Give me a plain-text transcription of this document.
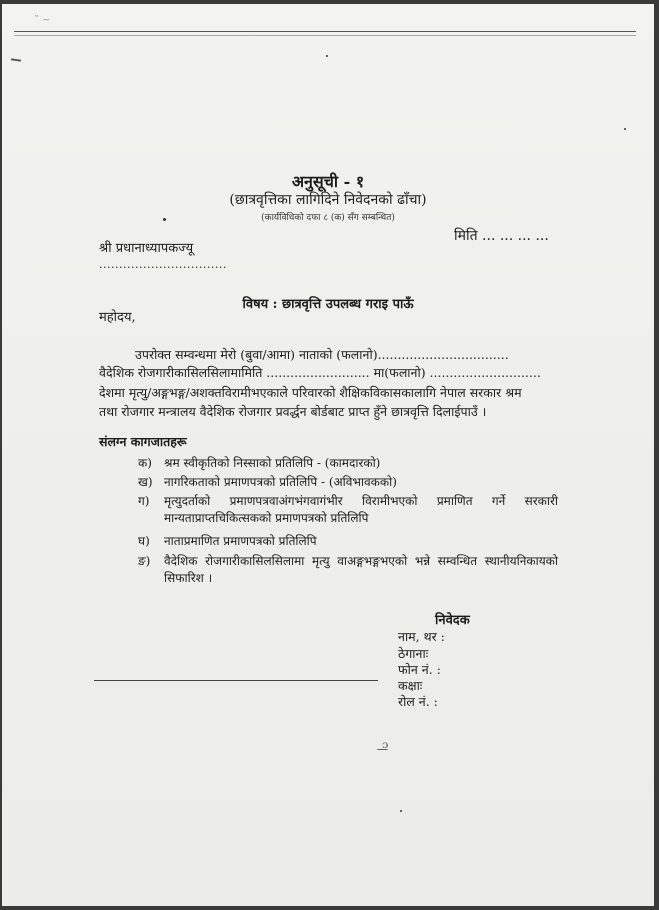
˜ ~
अनुसूची - १
(छात्रवृत्तिका लागिदिने निवेदनको ढाँचा)
(कार्यविधिको दफा ८ (क) सँग सम्बन्धित)
मिति ... ... ... ...
श्री प्रधानाध्यापकज्यू
................................
विषय : छात्रवृत्ति उपलब्ध गराइ पाऊँ
महोदय,
उपरोक्त सम्वन्धमा मेरो (बुवा/आमा) नाताको (फलानो).................................
वैदेशिक रोजगारीकासिलसिलामामिति .......................... मा(फलानो) ............................
देशमा मृत्यु/अङ्गभङ्ग/अशक्तविरामीभएकाले परिवारको शैक्षिकविकासकालागि नेपाल सरकार श्रम
तथा रोजगार मन्त्रालय वैदेशिक रोजगार प्रवर्द्धन बोर्डबाट प्राप्त हुँने छात्रवृत्ति दिलाईपाउँ ।
संलग्न कागजातहरू
क)	श्रम स्वीकृतिको निस्साको प्रतिलिपि - (कामदारको)
ख) नागरिकताको प्रमाणपत्रको प्रतिलिपि - (अविभावकको)
ग)	मृत्युदर्ताको प्रमाणपत्रवाअंगभंगवागंभीर विरामीभएको प्रमाणित गर्ने सरकारी मान्यताप्राप्तचिकित्सकको प्रमाणपत्रको प्रतिलिपि
घ)	नाताप्रमाणित प्रमाणपत्रको प्रतिलिपि
ङ)	वैदेशिक रोजगारीकासिलसिलामा मृत्यु वाअङ्गभङ्गभएको भन्ने सम्वन्धित स्थानीयनिकायको सिफारिश ।
निवेदक
नाम, थर :
ठेगानाः
फोन नं. :
कक्षाः
रोल नं. :
ᵓ̶
